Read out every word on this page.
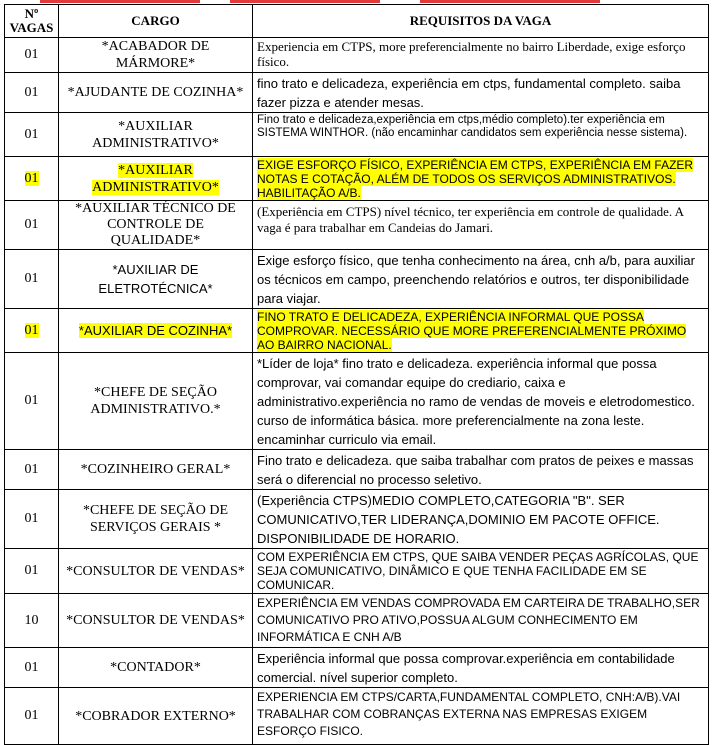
Nº VAGAS	CARGO	REQUISITOS DA VAGA
01	*ACABADOR DE MÁRMORE*	Experiencia em CTPS, more preferencialmente no bairro Liberdade, exige esforço físico.
01	*AJUDANTE DE COZINHA*	fino trato e delicadeza, experiência em ctps, fundamental completo. saiba fazer pizza e atender mesas.
01	*AUXILIAR ADMINISTRATIVO*	Fino trato e delicadeza,experiência em ctps,médio completo).ter experiência em SISTEMA WINTHOR. (não encaminhar candidatos sem experiência nesse sistema).
01	*AUXILIAR ADMINISTRATIVO*	EXIGE ESFORÇO FÍSICO, EXPERIÊNCIA EM CTPS, EXPERIÊNCIA EM FAZER NOTAS E COTAÇÃO, ALÉM DE TODOS OS SERVIÇOS ADMINISTRATIVOS. HABILITAÇÃO A/B.
01	*AUXILIAR TÉCNICO DE CONTROLE DE QUALIDADE*	(Experiência em CTPS) nível técnico, ter experiência em controle de qualidade. A vaga é para trabalhar em Candeias do Jamari.
01	*AUXILIAR DE ELETROTÉCNICA*	Exige esforço físico, que tenha conhecimento na área, cnh a/b, para auxiliar os técnicos em campo, preenchendo relatórios e outros, ter disponibilidade para viajar.
01	*AUXILIAR DE COZINHA*	FINO TRATO E DELICADEZA, EXPERIÊNCIA INFORMAL QUE POSSA COMPROVAR. NECESSÁRIO QUE MORE PREFERENCIALMENTE PRÓXIMO AO BAIRRO NACIONAL.
01	*CHEFE DE SEÇÃO ADMINISTRATIVO.*	*Líder de loja* fino trato e delicadeza. experiência informal que possa comprovar, vai comandar equipe do crediario, caixa e administrativo.experiência no ramo de vendas de moveis e eletrodomestico. curso de informática básica. more preferencialmente na zona leste. encaminhar curriculo via email.
01	*COZINHEIRO GERAL*	Fino trato e delicadeza. que saiba trabalhar com pratos de peixes e massas será o diferencial no processo seletivo.
01	*CHEFE DE SEÇÃO DE SERVIÇOS GERAIS *	(Experiência CTPS)MEDIO COMPLETO,CATEGORIA "B". SER COMUNICATIVO,TER LIDERANÇA,DOMINIO EM PACOTE OFFICE. DISPONIBILIDADE DE HORARIO.
01	*CONSULTOR DE VENDAS*	COM EXPERIÊNCIA EM CTPS, QUE SAIBA VENDER PEÇAS AGRÍCOLAS, QUE SEJA COMUNICATIVO, DINÂMICO E QUE TENHA FACILIDADE EM SE COMUNICAR.
10	*CONSULTOR DE VENDAS*	EXPERIÊNCIA EM VENDAS COMPROVADA EM CARTEIRA DE TRABALHO,SER COMUNICATIVO PRO ATIVO,POSSUA ALGUM CONHECIMENTO EM INFORMÁTICA E CNH A/B
01	*CONTADOR*	Experiência informal que possa comprovar.experiência em contabilidade comercial. nível superior completo.
01	*COBRADOR EXTERNO*	EXPERIENCIA EM CTPS/CARTA,FUNDAMENTAL COMPLETO, CNH:A/B).VAI TRABALHAR COM COBRANÇAS EXTERNA NAS EMPRESAS EXIGEM ESFORÇO FISICO.
